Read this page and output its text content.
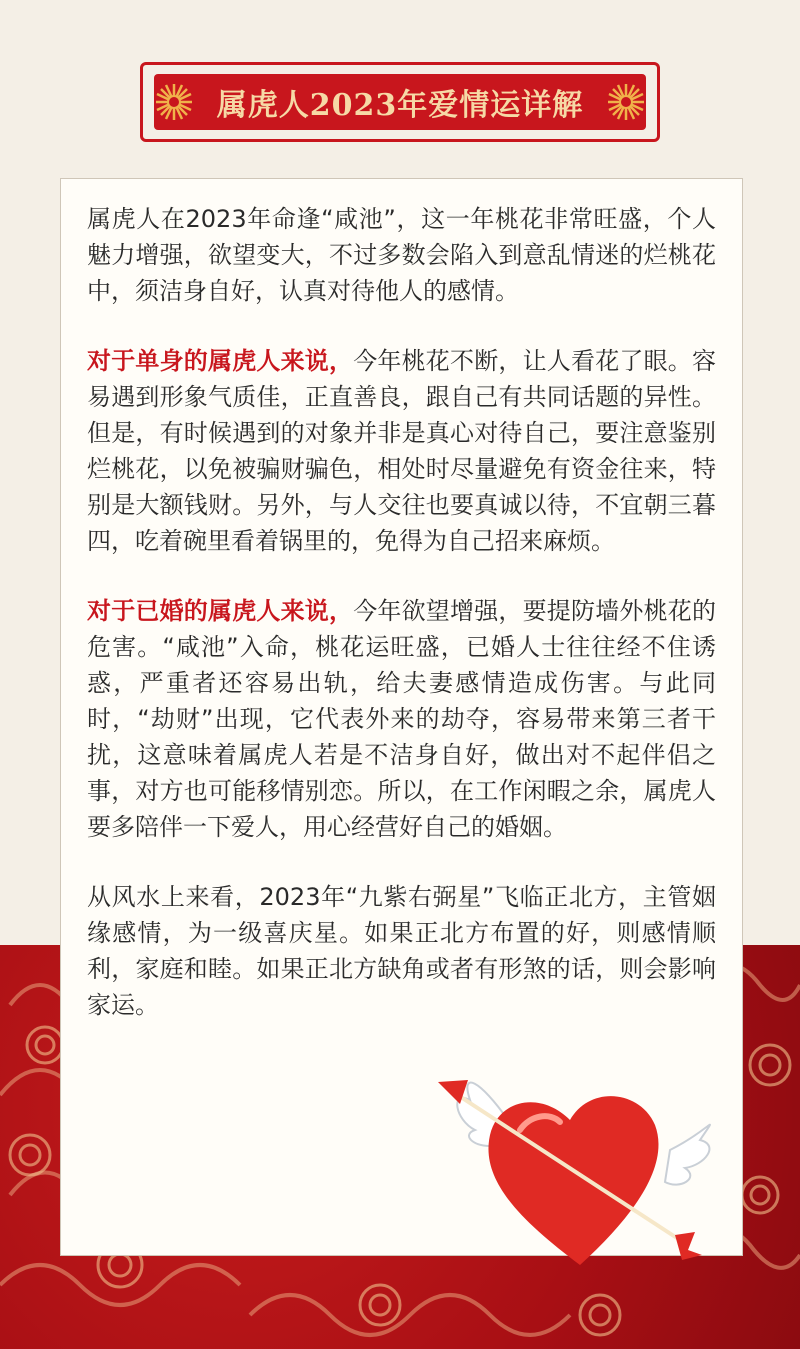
属虎人2023年爱情运详解

属虎人在2023年命逢“咸池”，这一年桃花非常旺盛，个人魅力增强，欲望变大，不过多数会陷入到意乱情迷的烂桃花中，须洁身自好，认真对待他人的感情。

对于单身的属虎人来说，今年桃花不断，让人看花了眼。容易遇到形象气质佳，正直善良，跟自己有共同话题的异性。但是，有时候遇到的对象并非是真心对待自己，要注意鉴别烂桃花，以免被骗财骗色，相处时尽量避免有资金往来，特别是大额钱财。另外，与人交往也要真诚以待，不宜朝三暮四，吃着碗里看着锅里的，免得为自己招来麻烦。

对于已婚的属虎人来说，今年欲望增强，要提防墙外桃花的危害。“咸池”入命，桃花运旺盛，已婚人士往往经不住诱惑，严重者还容易出轨，给夫妻感情造成伤害。与此同时，“劫财”出现，它代表外来的劫夺，容易带来第三者干扰，这意味着属虎人若是不洁身自好，做出对不起伴侣之事，对方也可能移情别恋。所以，在工作闲暇之余，属虎人要多陪伴一下爱人，用心经营好自己的婚姻。

从风水上来看，2023年“九紫右弼星”飞临正北方，主管姻缘感情，为一级喜庆星。如果正北方布置的好，则感情顺利，家庭和睦。如果正北方缺角或者有形煞的话，则会影响家运。
